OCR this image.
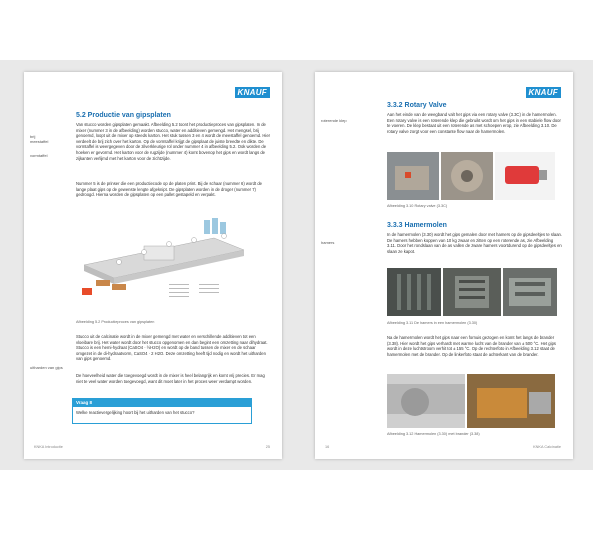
KNAUF
5.2 Productie van gipsplaten
brij
meestaffel
vormtaffel
Van stucco worden gipsplaten gemaakt. Afbeelding 5.2 toont het productieproces van gipsplaten. In de mixer (nummer 3 in de afbeelding) worden stucco, water en additieven gemengd. Het mengsel, brij genoemd, loopt uit de mixer op steeds karton. Het stuk tussen 3 en 4 wordt de meestaffel genoemd. Hier verdeelt de brij zich over het karton. Op de vormtaffel krijgt de gipsplaat de juiste breedte en dikte. De vormtaffel is weergegeven door de zilverkleurige rol onder nummer 4 in afbeelding 5.2. Ook worden de hoeken er gevormd. Het karton voor de rugzijde (nummer 4) komt bovenop het gips en wordt langs de zijkanten verlijmd met het karton voor de zichtzijde.
Nummer 5 is de prinser die een productiecode op de platen print. Bij de schaar (nummer 6) wordt de lange plaat gips op de gewenste lengte afgeknipt. De gipsplaten worden in de droger (nummer 7) gedroogd. Hierna worden de gipsplaten op een pallet gestapeld en verpakt.
Afbeelding 5.2 Productieproces van gipsplaten
Stucco uit de calcinatie wordt in de mixer gemengd met water en verschillende additieven tot een vloeibare brij. Het water wordt door het stucco opgenomen en dan begint een omzetting naar dihydraat. Stucco is een hemi-hydraat (CaSO4 · ½H2O) en wordt op de band tussen de mixer en de schaar omgezet in de di-hydraatvorm, CaSO4 · 2 H2O. Deze omzetting heeft tijd nodig en wordt het uitharden van gips genoemd.
uitharden van gips
De hoeveelheid water die toegevoegd wordt in de mixer is heel belangrijk en komt vrij precies. Er mag niet te veel water worden toegevoegd, want dit moet later in het proces weer verdampt worden.
Vraag 8
Welke reactievergelijking hoort bij het uitharden van het stucco?
KNKA Introductie	25
KNAUF
3.3.2 Rotary Valve
roterende klep
Aan het einde van de weegband valt het gips via een rotary valve (3.3C) in de hamermolen. Een rotary valve is een roterende klep die gebruikt wordt om het gips in een stabiele flow door te voeren. De klep bestaat uit een roterende as met schoepen erop, zie Afbeelding 3.10. De rotary valve zorgt voor een constante flow naar de hamermolen.
Afbeelding 3.10 Rotary valve (3.3C)
3.3.3 Hamermolen
hamers
In de hamermolen (3.30) wordt het gips gemalen door met hamers op de gipsdeeltjes te slaan. De hamers hebben koppen van 10 kg zwaar en zitten op een roterende as, zie Afbeelding 3.11. Door het rondslaan van de as vallen de zware hamers voortdurend op de gipsdeeltjes en slaan ze kapot.
Afbeelding 3.11 De hamers in een hamermolen (3.30)
Na de hamermolen wordt het gips naar een fornuis gezogen en komt het langs de brander (3.38). Hier wordt het gips verhardt met warme lucht van de brander van ± 500 °C. Het gips wordt in deze luchtstroom verhit tot ± 155 °C. Op de rechterfoto in Afbeelding 3.12 staat de hamermolen met de brander. Op de linkerfoto staat de achterkant van de brander.
Afbeelding 3.12 Hamermolen (3.30) met brander (3.38)
16	KNKA Calcinatie
